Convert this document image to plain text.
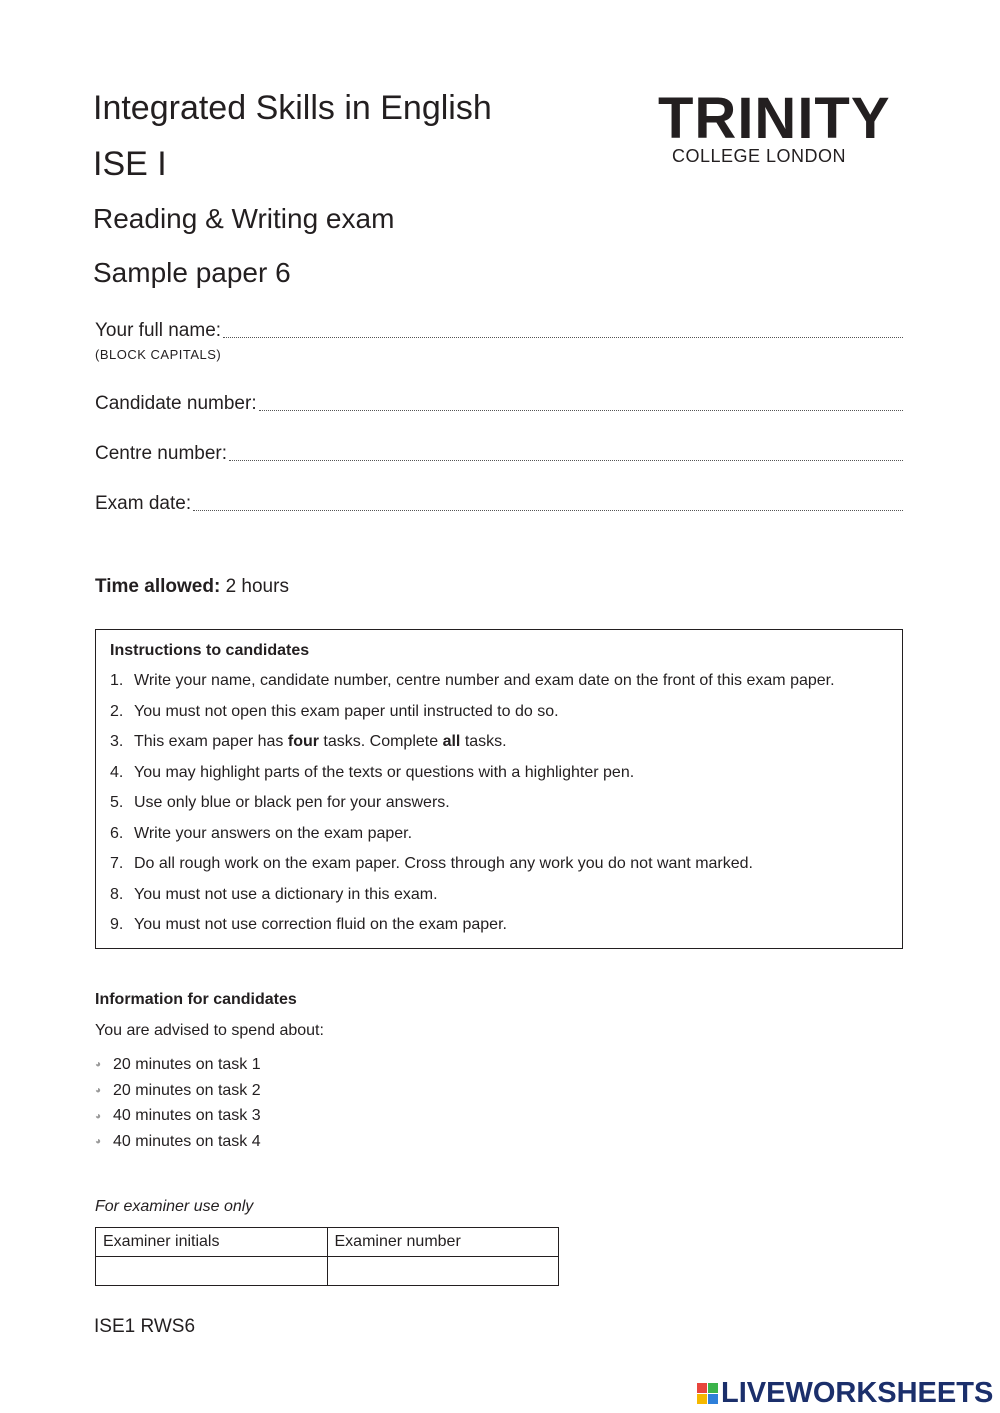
Integrated Skills in English
ISE I
Reading & Writing exam
Sample paper 6
TRINITY
COLLEGE LONDON
Your full name:
(BLOCK CAPITALS)
Candidate number:
Centre number:
Exam date:
Time allowed: 2 hours
Instructions to candidates
1. Write your name, candidate number, centre number and exam date on the front of this exam paper.
2. You must not open this exam paper until instructed to do so.
3. This exam paper has four tasks. Complete all tasks.
4. You may highlight parts of the texts or questions with a highlighter pen.
5. Use only blue or black pen for your answers.
6. Write your answers on the exam paper.
7. Do all rough work on the exam paper. Cross through any work you do not want marked.
8. You must not use a dictionary in this exam.
9. You must not use correction fluid on the exam paper.
Information for candidates
You are advised to spend about:
◕ 20 minutes on task 1
◕ 20 minutes on task 2
◕ 40 minutes on task 3
◕ 40 minutes on task 4
For examiner use only
Examiner initials	Examiner number

ISE1 RWS6
LIVEWORKSHEETS
